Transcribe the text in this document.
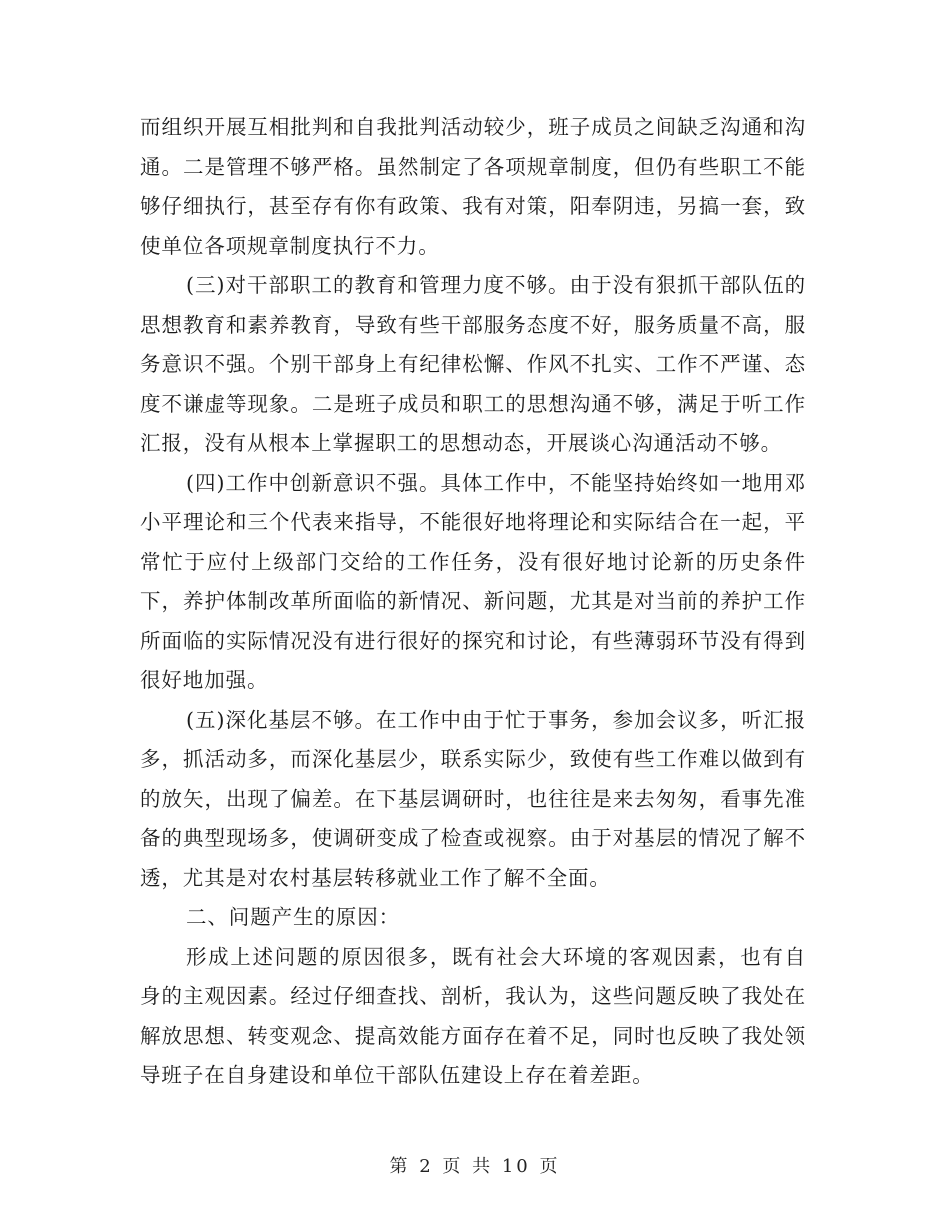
而组织开展互相批判和自我批判活动较少，班子成员之间缺乏沟通和沟通。二是管理不够严格。虽然制定了各项规章制度，但仍有些职工不能够仔细执行，甚至存有你有政策、我有对策，阳奉阴违，另搞一套，致使单位各项规章制度执行不力。

(三)对干部职工的教育和管理力度不够。由于没有狠抓干部队伍的思想教育和素养教育，导致有些干部服务态度不好，服务质量不高，服务意识不强。个别干部身上有纪律松懈、作风不扎实、工作不严谨、态度不谦虚等现象。二是班子成员和职工的思想沟通不够，满足于听工作汇报，没有从根本上掌握职工的思想动态，开展谈心沟通活动不够。

(四)工作中创新意识不强。具体工作中，不能坚持始终如一地用邓小平理论和三个代表来指导，不能很好地将理论和实际结合在一起，平常忙于应付上级部门交给的工作任务，没有很好地讨论新的历史条件下，养护体制改革所面临的新情况、新问题，尤其是对当前的养护工作所面临的实际情况没有进行很好的探究和讨论，有些薄弱环节没有得到很好地加强。

(五)深化基层不够。在工作中由于忙于事务，参加会议多，听汇报多，抓活动多，而深化基层少，联系实际少，致使有些工作难以做到有的放矢，出现了偏差。在下基层调研时，也往往是来去匆匆，看事先准备的典型现场多，使调研变成了检查或视察。由于对基层的情况了解不透，尤其是对农村基层转移就业工作了解不全面。

二、问题产生的原因：

形成上述问题的原因很多，既有社会大环境的客观因素，也有自身的主观因素。经过仔细查找、剖析，我认为，这些问题反映了我处在解放思想、转变观念、提高效能方面存在着不足，同时也反映了我处领导班子在自身建设和单位干部队伍建设上存在着差距。

第 2 页 共 10 页
